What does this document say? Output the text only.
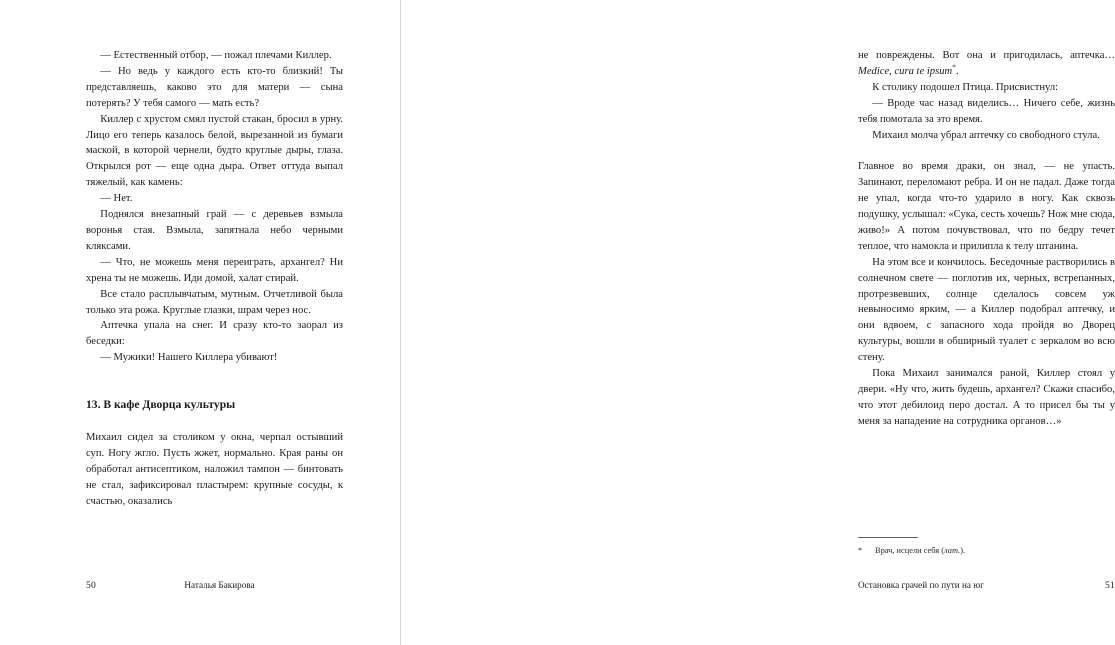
— Естественный отбор, — пожал плечами Киллер.

— Но ведь у каждого есть кто-то близкий! Ты представляешь, каково это для матери — сына потерять? У тебя самого — мать есть?

Киллер с хрустом смял пустой стакан, бросил в урну. Лицо его теперь казалось белой, вырезанной из бумаги маской, в которой чернели, будто круглые дыры, глаза. Открылся рот — еще одна дыра. Ответ оттуда выпал тяжелый, как камень:

— Нет.

Поднялся внезапный грай — с деревьев взмыла воронья стая. Взмыла, запятнала небо черными кляксами.

— Что, не можешь меня переиграть, архангел? Ни хрена ты не можешь. Иди домой, халат стирай.

Все стало расплывчатым, мутным. Отчетливой была только эта рожа. Круглые глазки, шрам через нос.

Аптечка упала на снег. И сразу кто-то заорал из беседки:

— Мужики! Нашего Киллера убивают!

13. В кафе Дворца культуры

Михаил сидел за столиком у окна, черпал остывший суп. Ногу жгло. Пусть жжет, нормально. Края раны он обработал антисептиком, наложил тампон — бинтовать не стал, зафиксировал пластырем: крупные сосуды, к счастью, оказались

50	Наталья Бакирова

не повреждены. Вот она и пригодилась, аптечка… Medice, cura te ipsum*.

К столику подошел Птица. Присвистнул:

— Вроде час назад виделись… Ничего себе, жизнь тебя помотала за это время.

Михаил молча убрал аптечку со свободного стула.

Главное во время драки, он знал, — не упасть. Запинают, переломают ребра. И он не падал. Даже тогда не упал, когда что-то ударило в ногу. Как сквозь подушку, услышал: «Сука, сесть хочешь? Нож мне сюда, живо!» А потом почувствовал, что по бедру течет теплое, что намокла и прилипла к телу штанина.

На этом все и кончилось. Беседочные растворились в солнечном свете — поглотив их, черных, встрепанных, протрезвевших, солнце сделалось совсем уж невыносимо ярким, — а Киллер подобрал аптечку, и они вдвоем, с запасного хода пройдя во Дворец культуры, вошли в обширный туалет с зеркалом во всю стену.

Пока Михаил занимался раной, Киллер стоял у двери. «Ну что, жить будешь, архангел? Скажи спасибо, что этот дебилоид перо достал. А то присел бы ты у меня за нападение на сотрудника органов…»

*	Врач, исцели себя (лат.).

Остановка грачей по пути на юг	51
